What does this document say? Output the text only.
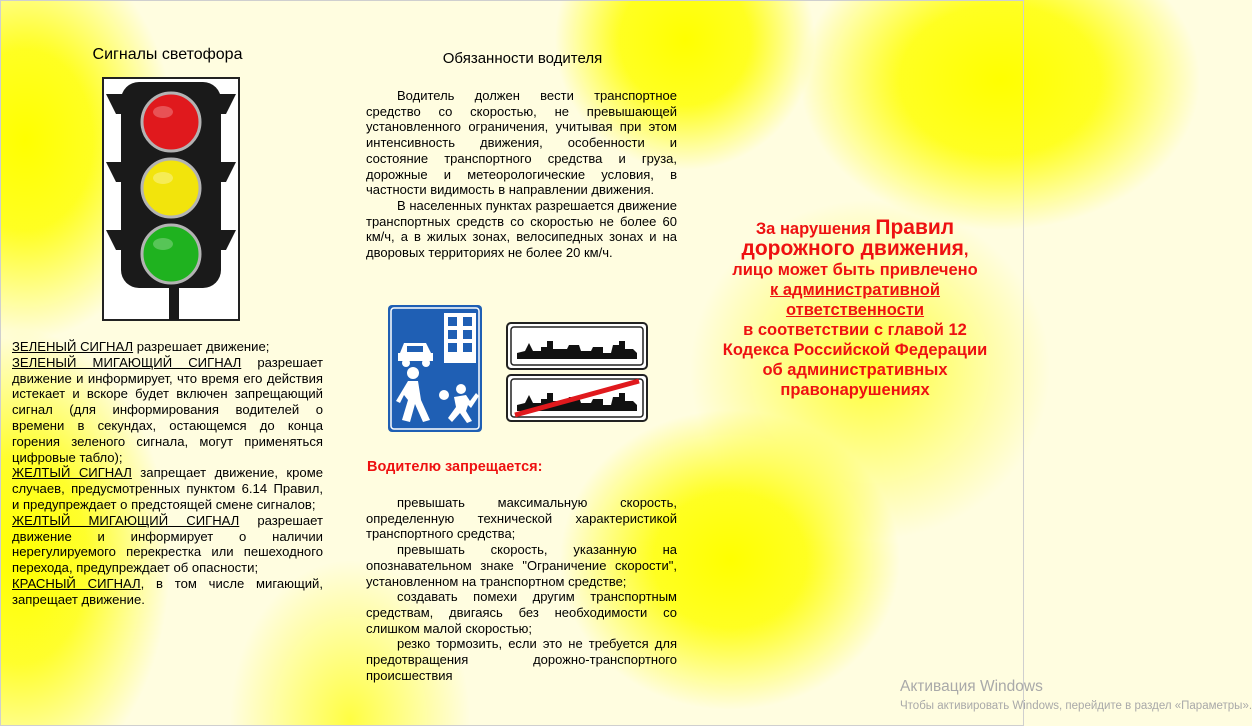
Сигналы светофора

ЗЕЛЕНЫЙ СИГНАЛ разрешает движение;

ЗЕЛЕНЫЙ МИГАЮЩИЙ СИГНАЛ разрешает движение и информирует, что время его действия истекает и вскоре будет включен запрещающий сигнал (для информирования водителей о времени в секундах, остающемся до конца горения зеленого сигнала, могут применяться цифровые табло);

ЖЕЛТЫЙ СИГНАЛ запрещает движение, кроме случаев, предусмотренных пунктом 6.14 Правил, и предупреждает о предстоящей смене сигналов;

ЖЕЛТЫЙ МИГАЮЩИЙ СИГНАЛ разрешает движение и информирует о наличии нерегулируемого перекрестка или пешеходного перехода, предупреждает об опасности;

КРАСНЫЙ СИГНАЛ, в том числе мигающий, запрещает движение.

Обязанности водителя

Водитель должен вести транспортное средство со скоростью, не превышающей установленного ограничения, учитывая при этом интенсивность движения, особенности и состояние транспортного средства и груза, дорожные и метеорологические условия, в частности видимость в направлении движения.

В населенных пунктах разрешается движение транспортных средств со скоростью не более 60 км/ч, а в жилых зонах, велосипедных зонах и на дворовых территориях не более 20 км/ч.

Водителю запрещается:

превышать максимальную скорость, определенную технической характеристикой транспортного средства;

превышать скорость, указанную на опознавательном знаке "Ограничение скорости", установленном на транспортном средстве;

создавать помехи другим транспортным средствам, двигаясь без необходимости со слишком малой скоростью;

резко тормозить, если это не требуется для предотвращения дорожно-транспортного происшествия

За нарушения Правил дорожного движения,
лицо может быть привлечено
к административной ответственности
в соответствии с главой 12 Кодекса Российской Федерации об административных правонарушениях
Активация Windows
Чтобы активировать Windows, перейдите в раздел «Параметры».
